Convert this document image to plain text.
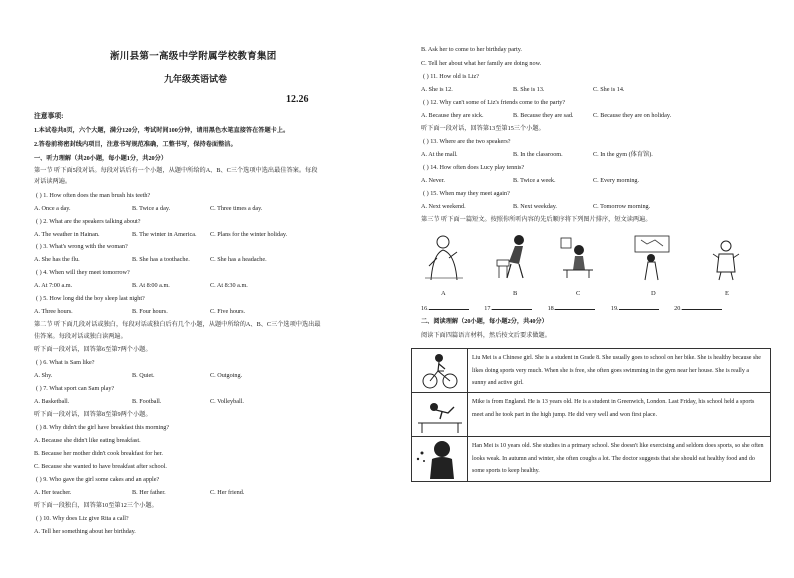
淅川县第一高级中学附属学校教育集团
九年级英语试卷
12.26
注意事项:
1.本试卷共8页，六个大题，满分120分，考试时间100分钟，请用黑色水笔直接答在答题卡上。
2.答卷前将密封线内项目，注意书写规范准确，工整书写，保持卷面整洁。
一、听力理解（共20小题，每小题1分，共20分）
第一节 听下面5段对话。每段对话后有一个小题，从题中所给的A、B、C三个选项中选出最佳答案。每段
对话读两遍。
( ) 1. How often does the man brush his teeth?
A. Once a day.	B. Twice a day.	C. Three times a day.
( ) 2. What are the speakers talking about?
A. The weather in Hainan.	B. The winter in America. C. Plans for the winter holiday.
( ) 3. What's wrong with the woman?
A. She has the flu.	B. She has a toothache.	C. She has a headache.
( ) 4. When will they meet tomorrow?
A. At 7:00 a.m.	B. At 8:00 a.m.	C. At 8:30 a.m.
( ) 5. How long did the boy sleep last night?
A. Three hours.	B. Four hours.	C. Five hours.
第二节 听下面几段对话或独白，每段对话或独白后有几个小题，从题中所给的A、B、C三个选项中选出最
佳答案。每段对话或独白读两遍。
听下面一段对话，回答第6至第7两个小题。
( ) 6. What is Sam like?
A. Shy.	B. Quiet.	C. Outgoing.
( ) 7. What sport can Sam play?
A. Basketball.	B. Football.	C. Volleyball.
听下面一段对话，回答第8至第9两个小题。
( ) 8. Why didn't the girl have breakfast this morning?
A. Because she didn't like eating breakfast.
B. Because her mother didn't cook breakfast for her.
C. Because she wanted to have breakfast after school.
( ) 9. Who gave the girl some cakes and an apple?
A. Her teacher.	B. Her father.	C. Her friend.
听下面一段独白，回答第10至第12三个小题。
( ) 10. Why does Liz give Rita a call?
A. Tell her something about her birthday.
B. Ask her to come to her birthday party.
C. Tell her about what her family are doing now.
( ) 11. How old is Liz?
A. She is 12.	B. She is 13.	C. She is 14.
( ) 12. Why can't some of Liz's friends come to the party?
A. Because they are sick.	B. Because they are sad.	C. Because they are on holiday.
听下面一段对话，回答第13至第15三个小题。
( ) 13. Where are the two speakers?
A. At the mall.	B. In the classroom.	C. In the gym (体育馆).
( ) 14. How often does Lucy play tennis?
A. Never.	B. Twice a week.	C. Every morning.
( ) 15. When may they meet again?
A. Next weekend.	B. Next weekday.	C. Tomorrow morning.
第三节 听下面一篇短文。按照你所听内容的先后顺序将下列图片排序，短文读两遍。
A	B	C	D	E
16.	17.	18.	19.	20.
二、阅读理解（20小题，每小题2分，共40分）
阅读下面四篇语言材料，然后按文后要求做题。
Liu Mei is a Chinese girl. She is a student in Grade 8. She usually goes to school on her bike. She is healthy because she likes doing sports very much. When she is free, she often goes swimming in the gym near her house. She is really a sunny and active girl.
Mike is from England. He is 13 years old. He is a student in Greenwich, London. Last Friday, his school held a sports meet and he took part in the high jump. He did very well and won first place.
Han Mei is 10 years old. She studies in a primary school. She doesn't like exercising and seldom does sports, so she often looks weak. In autumn and winter, she often coughs a lot. The doctor suggests that she should eat healthy food and do some sports to keep healthy.
